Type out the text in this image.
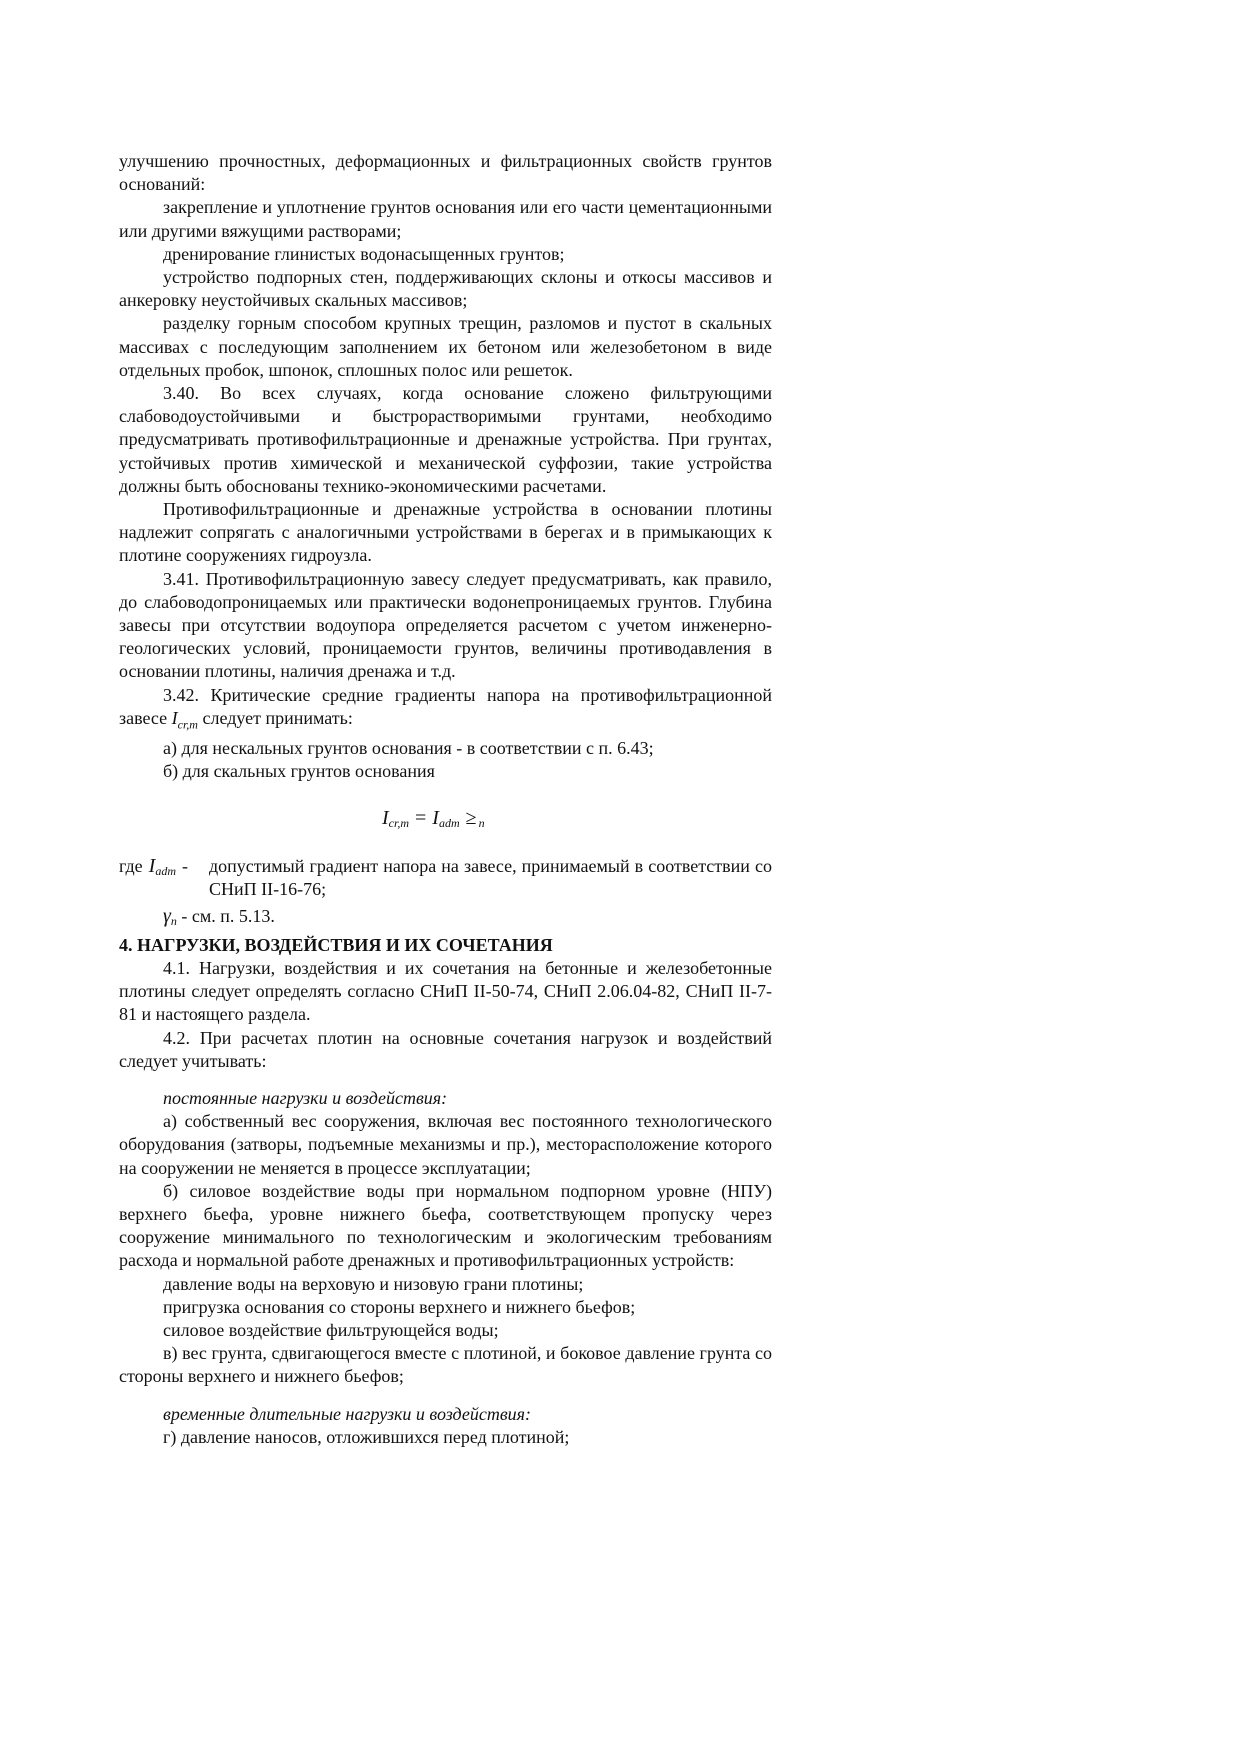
улучшению прочностных, деформационных и фильтрационных свойств грунтов оснований:

закрепление и уплотнение грунтов основания или его части цементационными или другими вяжущими растворами;

дренирование глинистых водонасыщенных грунтов;

устройство подпорных стен, поддерживающих склоны и откосы массивов и анкеровку неустойчивых скальных массивов;

разделку горным способом крупных трещин, разломов и пустот в скальных массивах с последующим заполнением их бетоном или железобетоном в виде отдельных пробок, шпонок, сплошных полос или решеток.

3.40. Во всех случаях, когда основание сложено фильтрующими слабоводоустойчивыми и быстрорастворимыми грунтами, необходимо предусматривать противофильтрационные и дренажные устройства. При грунтах, устойчивых против химической и механической суффозии, такие устройства должны быть обоснованы технико-экономическими расчетами.

Противофильтрационные и дренажные устройства в основании плотины надлежит сопрягать с аналогичными устройствами в берегах и в примыкающих к плотине сооружениях гидроузла.

3.41. Противофильтрационную завесу следует предусматривать, как правило, до слабоводопроницаемых или практически водонепроницаемых грунтов. Глубина завесы при отсутствии водоупора определяется расчетом с учетом инженерно-геологических условий, проницаемости грунтов, величины противодавления в основании плотины, наличия дренажа и т.д.

3.42. Критические средние градиенты напора на противофильтрационной завесе $I_{cr,m}$ следует принимать:

а) для нескальных грунтов основания - в соответствии с п. 6.43;

б) для скальных грунтов основания

$I_{cr,m} = I_{adm} \ge _n$
где $I_{adm}$ -	допустимый градиент напора на завесе, принимаемый в соответствии со СНиП II-16-76;
$\gamma_n$ - см. п. 5.13.

4. НАГРУЗКИ, ВОЗДЕЙСТВИЯ И ИХ СОЧЕТАНИЯ

4.1. Нагрузки, воздействия и их сочетания на бетонные и железобетонные плотины следует определять согласно СНиП II-50-74, СНиП 2.06.04-82, СНиП II-7-81 и настоящего раздела.

4.2. При расчетах плотин на основные сочетания нагрузок и воздействий следует учитывать:

постоянные нагрузки и воздействия:

а) собственный вес сооружения, включая вес постоянного технологического оборудования (затворы, подъемные механизмы и пр.), месторасположение которого на сооружении не меняется в процессе эксплуатации;

б) силовое воздействие воды при нормальном подпорном уровне (НПУ) верхнего бьефа, уровне нижнего бьефа, соответствующем пропуску через сооружение минимального по технологическим и экологическим требованиям расхода и нормальной работе дренажных и противофильтрационных устройств:

давление воды на верховую и низовую грани плотины;

пригрузка основания со стороны верхнего и нижнего бьефов;

силовое воздействие фильтрующейся воды;

в) вес грунта, сдвигающегося вместе с плотиной, и боковое давление грунта со стороны верхнего и нижнего бьефов;

временные длительные нагрузки и воздействия:

г) давление наносов, отложившихся перед плотиной;
